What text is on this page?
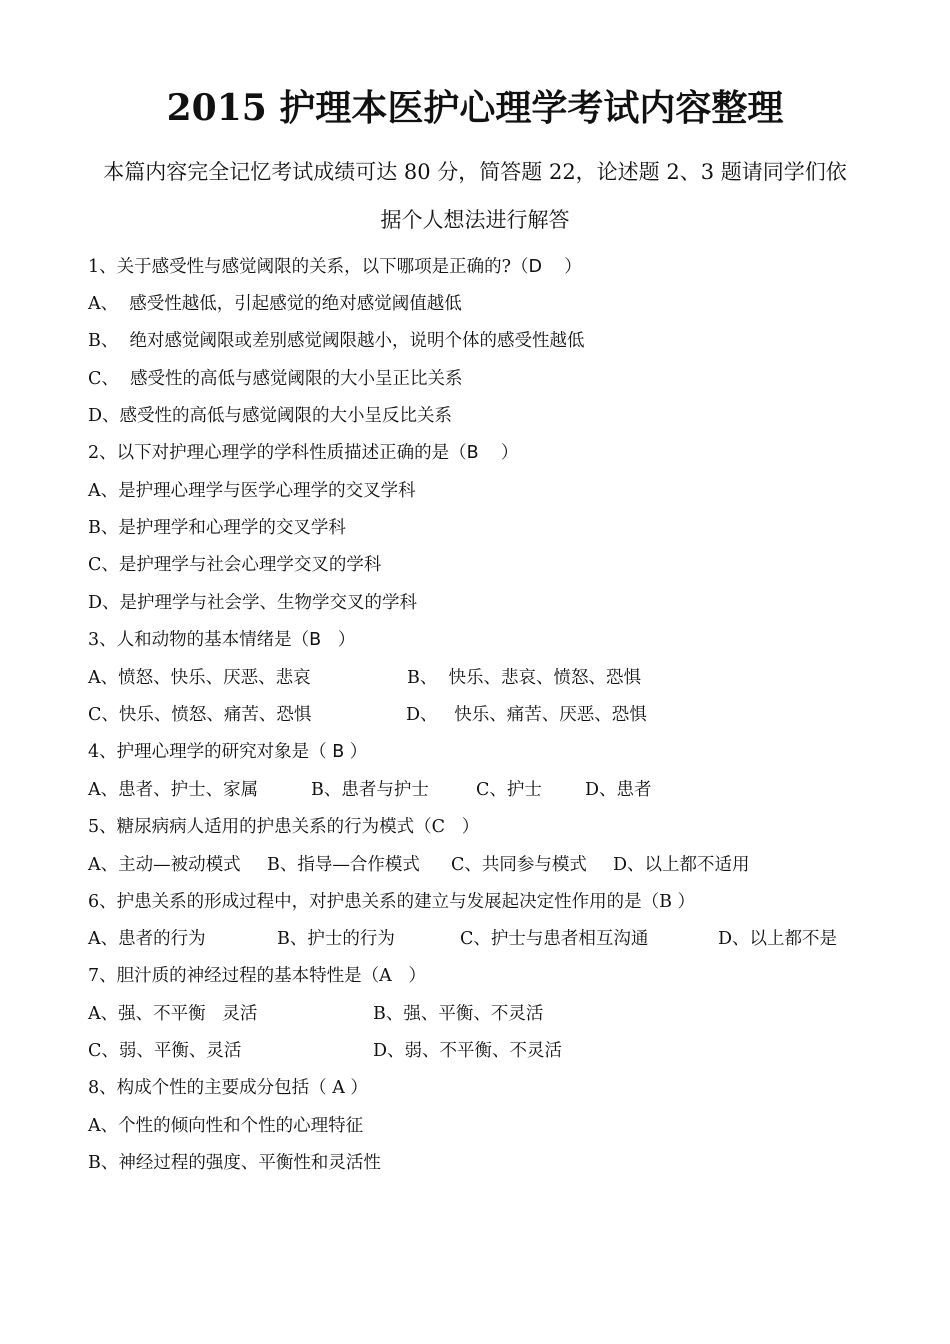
2015 护理本医护心理学考试内容整理

本篇内容完全记忆考试成绩可达 80 分，简答题 22，论述题 2、3 题请同学们依

据个人想法进行解答

1、关于感受性与感觉阈限的关系，以下哪项是正确的?（D    ）
A、  感受性越低，引起感觉的绝对感觉阈值越低
B、  绝对感觉阈限或差别感觉阈限越小，说明个体的感受性越低
C、  感受性的高低与感觉阈限的大小呈正比关系
D、感受性的高低与感觉阈限的大小呈反比关系
2、以下对护理心理学的学科性质描述正确的是（B    ）
A、是护理心理学与医学心理学的交叉学科
B、是护理学和心理学的交叉学科
C、是护理学与社会心理学交叉的学科
D、是护理学与社会学、生物学交叉的学科
3、人和动物的基本情绪是（B   ）
A、愤怒、快乐、厌恶、悲哀	B、  快乐、悲哀、愤怒、恐惧
C、快乐、愤怒、痛苦、恐惧	D、   快乐、痛苦、厌恶、恐惧
4、护理心理学的研究对象是（ B ）
A、患者、护士、家属	B、患者与护士	C、护士 D、患者
5、糖尿病病人适用的护患关系的行为模式（C   ）
A、主动—被动模式 B、指导—合作模式 C、共同参与模式 D、以上都不适用
6、护患关系的形成过程中，对护患关系的建立与发展起决定性作用的是（B ）
A、患者的行为	B、护士的行为	C、护士与患者相互沟通	D、以上都不是
7、胆汁质的神经过程的基本特性是（A   ）
A、强、不平衡   灵活	B、强、平衡、不灵活
C、弱、平衡、灵活	D、弱、不平衡、不灵活
8、构成个性的主要成分包括（ A ）
A、个性的倾向性和个性的心理特征
B、神经过程的强度、平衡性和灵活性
